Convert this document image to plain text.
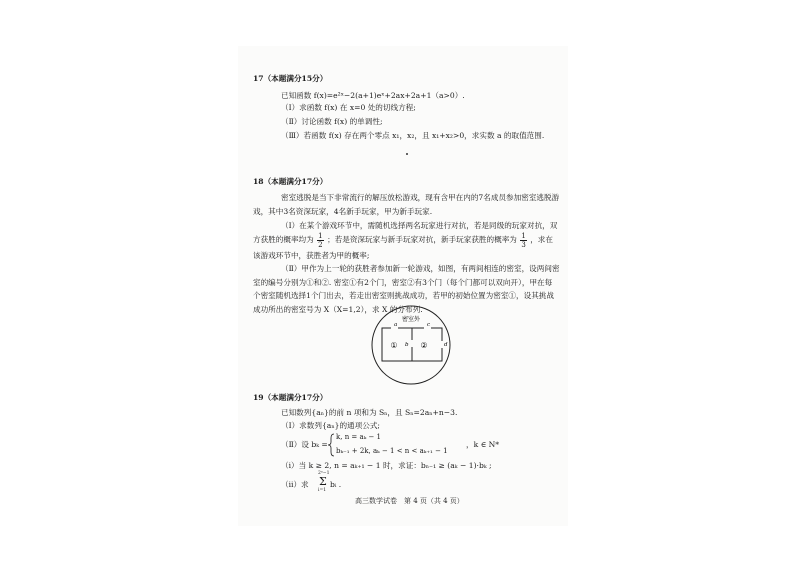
17（本题满分15分）
已知函数 f(x)=e²ˣ−2(a+1)eˣ+2ax+2a+1（a>0）.
（Ⅰ）求函数 f(x) 在 x=0 处的切线方程;
（Ⅱ）讨论函数 f(x) 的单调性;
（Ⅲ）若函数 f(x) 存在两个零点 x₁，x₂，且 x₁+x₂>0，求实数 a 的取值范围.
18（本题满分17分）
密室逃脱是当下非常流行的解压放松游戏，现有含甲在内的7名成员参加密室逃脱游
戏，其中3名资深玩家，4名新手玩家，甲为新手玩家.
（Ⅰ）在某个游戏环节中，需随机选择两名玩家进行对抗，若是同级的玩家对抗，双
方获胜的概率均为 $\frac{1}{2}$ ；若是资深玩家与新手玩家对抗，新手玩家获胜的概率为 $\frac{1}{3}$ ，求在
该游戏环节中，获胜者为甲的概率;
（Ⅱ）甲作为上一轮的获胜者参加新一轮游戏，如图，有两间相连的密室，设两间密
室的编号分别为①和②. 密室①有2个门，密室②有3个门（每个门都可以双向开），甲在每
个密室随机选择1个门出去，若走出密室则挑战成功，若甲的初始位置为密室①，设其挑战
成功所出的密室号为 X（X=1,2），求 X 的分布列.
密室外
①	②
a
b
c
d
19（本题满分17分）
已知数列{aₙ}的前 n 项和为 Sₙ，且 Sₙ=2aₙ+n−3.
（Ⅰ）求数列{aₙ}的通项公式;
（Ⅱ）设 bₖ =
k, n = aₖ − 1
bₖ₋₁ + 2k, aₖ − 1 < n < aₖ₊₁ − 1
，k ∈ N*
（i）当 k ≥ 2, n = aₖ₊₁ − 1 时，求证：bₙ₋₁ ≥ (aₖ − 1)·bₖ ;
（ii）求
2ⁿ−1
Σ
i=1
bᵢ .
高三数学试卷　第 4 页（共 4 页）
